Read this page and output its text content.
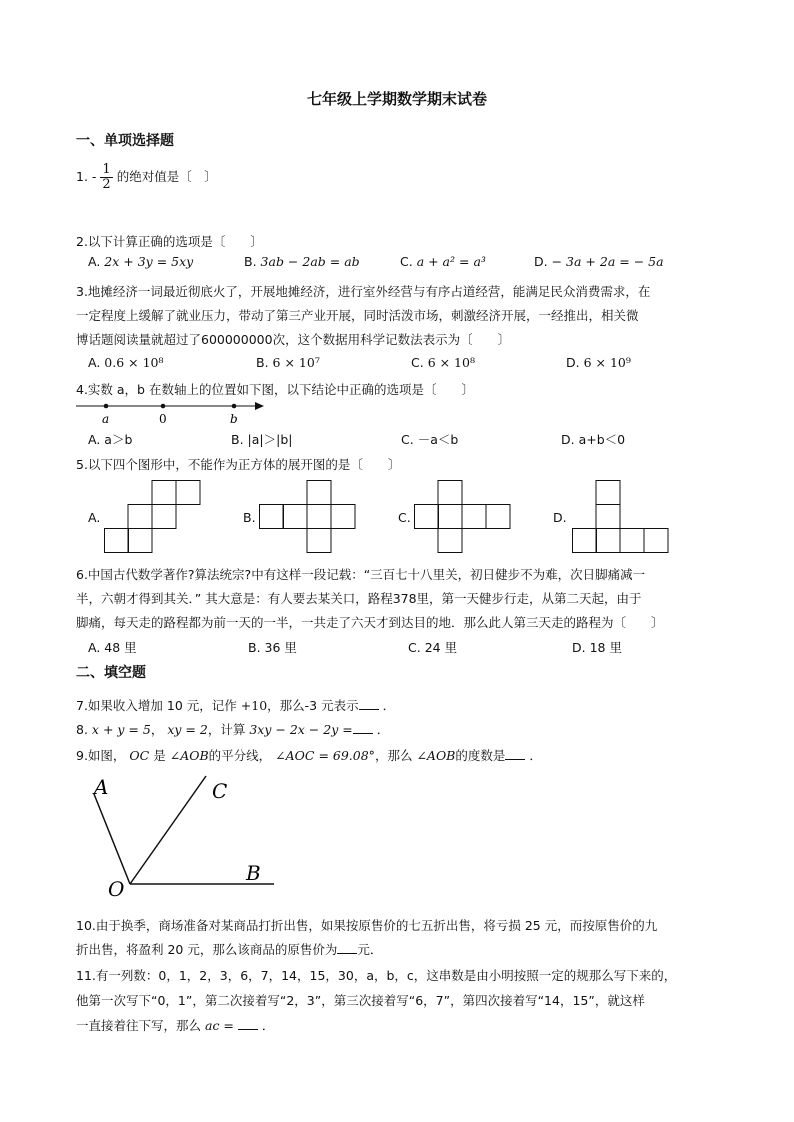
七年级上学期数学期末试卷
一、单项选择题
1. - $\frac{1}{2}$ 的绝对值是〔　〕
2.以下计算正确的选项是〔　　〕
A. 2x + 3y = 5xy	B. 3ab − 2ab = ab	C. a + a² = a³	D. − 3a + 2a = − 5a
3.地摊经济一词最近彻底火了，开展地摊经济，进行室外经营与有序占道经营，能满足民众消费需求，在
一定程度上缓解了就业压力，带动了第三产业开展，同时活泼市场，刺激经济开展，一经推出，相关微
博话题阅读量就超过了600000000次，这个数据用科学记数法表示为〔　　〕
A. 0.6 × 10⁸	B. 6 × 10⁷	C. 6 × 10⁸	D. 6 × 10⁹
4.实数 a，b 在数轴上的位置如下图，以下结论中正确的选项是〔　　〕
a	0	b
A. a＞b	B. |a|＞|b|	C. －a＜b	D. a+b＜0
5.以下四个图形中，不能作为正方体的展开图的是〔　　〕
A.	B.	C.	D.
6.中国古代数学著作?算法统宗?中有这样一段记载：“三百七十八里关，初日健步不为难，次日脚痛减一
半，六朝才得到其关．” 其大意是：有人要去某关口，路程378里，第一天健步行走，从第二天起，由于
脚痛，每天走的路程都为前一天的一半，一共走了六天才到达目的地．那么此人第三天走的路程为〔　　〕
A. 48 里	B. 36 里	C. 24 里	D. 18 里
二、填空题
7.如果收入增加 10 元，记作 +10，那么-3 元表示 ．
8. x + y = 5， xy = 2，计算 3xy − 2x − 2y = ．
9.如图， OC 是 ∠AOB的平分线， ∠AOC = 69.08°，那么 ∠AOB的度数是 ．
A	C
O
B
10.由于换季，商场准备对某商品打折出售，如果按原售价的七五折出售，将亏损 25 元，而按原售价的九
折出售，将盈利 20 元，那么该商品的原售价为 元．
11.有一列数：0，1，2，3，6，7，14，15，30，a，b，c，这串数是由小明按照一定的规那么写下来的，
他第一次写下“0，1”，第二次接着写“2，3”，第三次接着写“6，7”，第四次接着写“14，15”，就这样
一直接着往下写，那么 ac = ．
